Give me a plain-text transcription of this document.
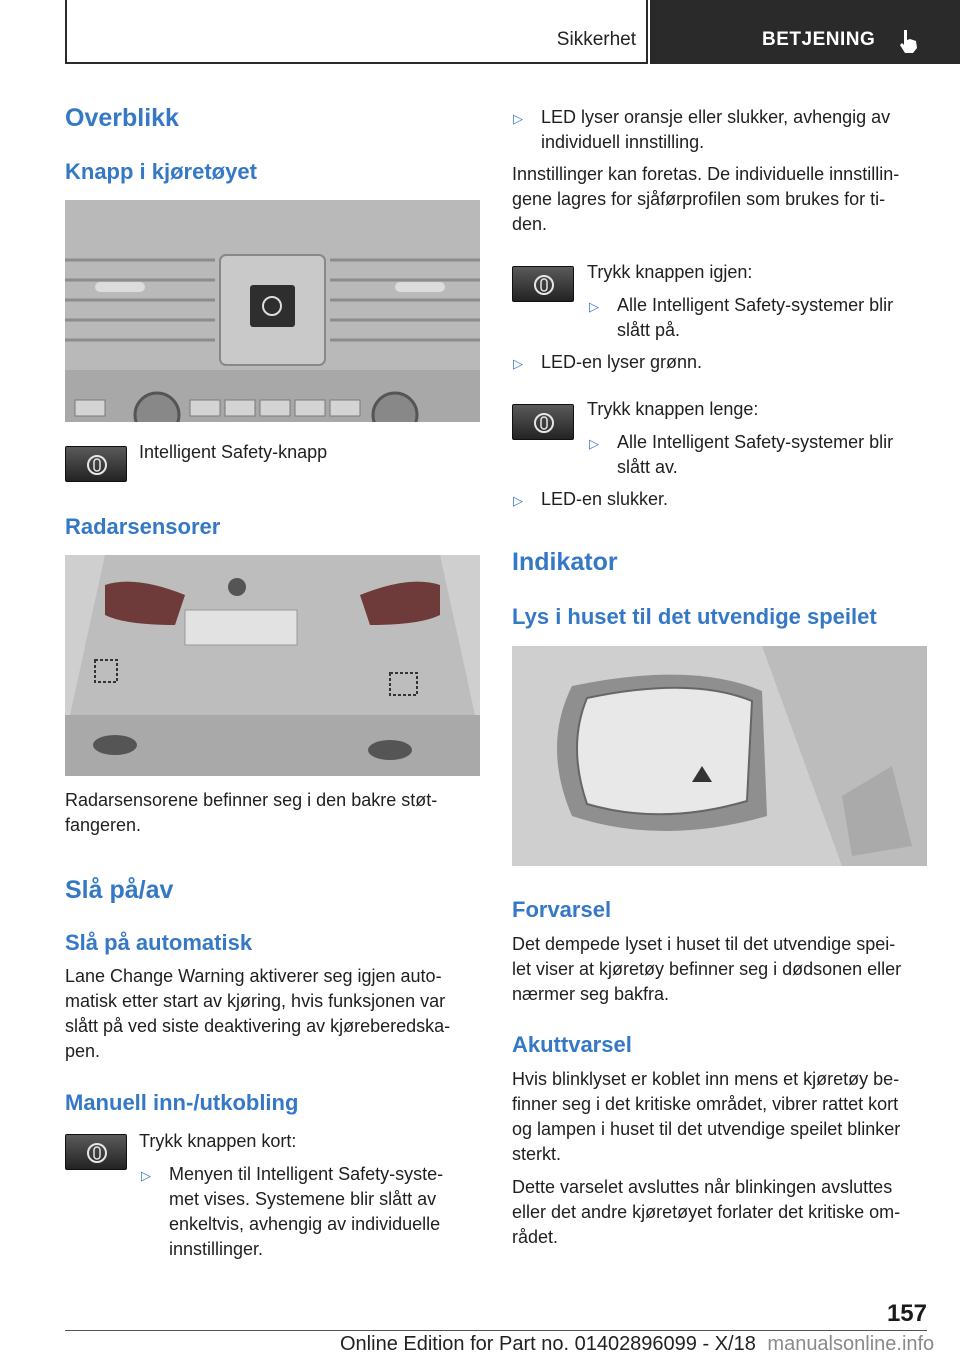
Sikkerhet	BETJENING
Overblikk
Knapp i kjøretøyet

Intelligent Safety-knapp

Radarsensorer

Radarsensorene befinner seg i den bakre støt-
fangeren.

Slå på/av
Slå på automatisk

Lane Change Warning aktiverer seg igjen auto-
matisk etter start av kjøring, hvis funksjonen var
slått på ved siste deaktivering av kjøreberedska-
pen.

Manuell inn-/utkobling

Trykk knappen kort:

▷ Menyen til Intelligent Safety-syste-
met vises. Systemene blir slått av
enkeltvis, avhengig av individuelle
innstillinger.
▷ LED lyser oransje eller slukker, avhengig av
individuell innstilling.

Innstillinger kan foretas. De individuelle innstillin-
gene lagres for sjåførprofilen som brukes for ti-
den.

Trykk knappen igjen:

▷ Alle Intelligent Safety-systemer blir
slått på.
▷ LED-en lyser grønn.

Trykk knappen lenge:

▷ Alle Intelligent Safety-systemer blir
slått av.
▷ LED-en slukker.
Indikator
Lys i huset til det utvendige speilet
Forvarsel

Det dempede lyset i huset til det utvendige spei-
let viser at kjøretøy befinner seg i dødsonen eller
nærmer seg bakfra.

Akuttvarsel

Hvis blinklyset er koblet inn mens et kjøretøy be-
finner seg i det kritiske området, vibrer rattet kort
og lampen i huset til det utvendige speilet blinker
sterkt.

Dette varselet avsluttes når blinkingen avsluttes
eller det andre kjøretøyet forlater det kritiske om-
rådet.

157
Online Edition for Part no. 01402896099 - X/18 manualsonline.info
